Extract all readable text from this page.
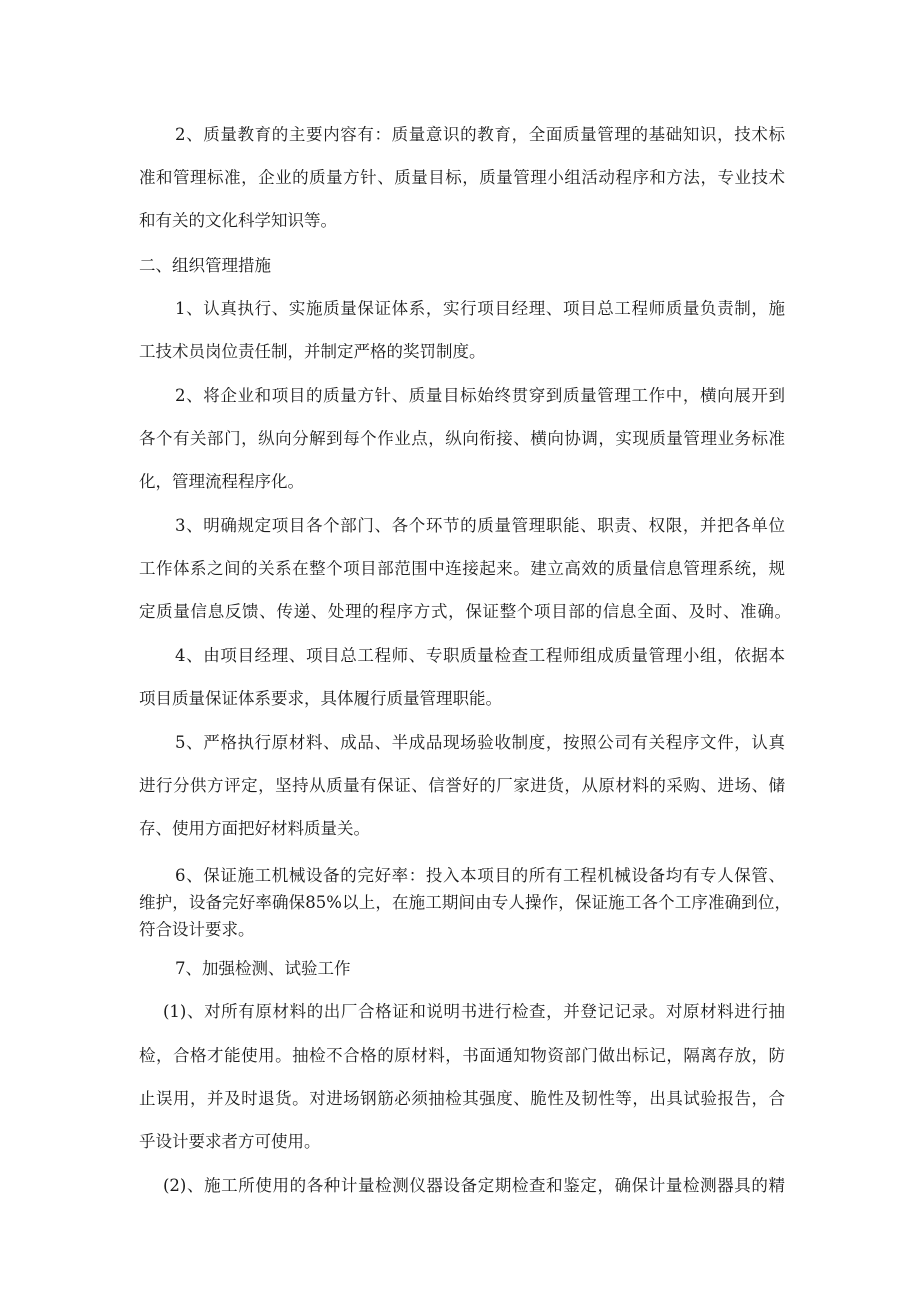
2、质量教育的主要内容有：质量意识的教育，全面质量管理的基础知识，技术标

准和管理标准，企业的质量方针、质量目标，质量管理小组活动程序和方法，专业技术

和有关的文化科学知识等。

二、组织管理措施

1、认真执行、实施质量保证体系，实行项目经理、项目总工程师质量负责制，施

工技术员岗位责任制，并制定严格的奖罚制度。

2、将企业和项目的质量方针、质量目标始终贯穿到质量管理工作中，横向展开到

各个有关部门，纵向分解到每个作业点，纵向衔接、横向协调，实现质量管理业务标准

化，管理流程程序化。

3、明确规定项目各个部门、各个环节的质量管理职能、职责、权限，并把各单位

工作体系之间的关系在整个项目部范围中连接起来。建立高效的质量信息管理系统，规

定质量信息反馈、传递、处理的程序方式，保证整个项目部的信息全面、及时、准确。

4、由项目经理、项目总工程师、专职质量检查工程师组成质量管理小组，依据本

项目质量保证体系要求，具体履行质量管理职能。

5、严格执行原材料、成品、半成品现场验收制度，按照公司有关程序文件，认真

进行分供方评定，坚持从质量有保证、信誉好的厂家进货，从原材料的采购、进场、储

存、使用方面把好材料质量关。

6、保证施工机械设备的完好率：投入本项目的所有工程机械设备均有专人保管、

维护，设备完好率确保85%以上，在施工期间由专人操作，保证施工各个工序准确到位，

符合设计要求。

7、加强检测、试验工作

(1)、对所有原材料的出厂合格证和说明书进行检查，并登记记录。对原材料进行抽

检，合格才能使用。抽检不合格的原材料，书面通知物资部门做出标记，隔离存放，防

止误用，并及时退货。对进场钢筋必须抽检其强度、脆性及韧性等，出具试验报告，合

乎设计要求者方可使用。

(2)、施工所使用的各种计量检测仪器设备定期检查和鉴定，确保计量检测器具的精
